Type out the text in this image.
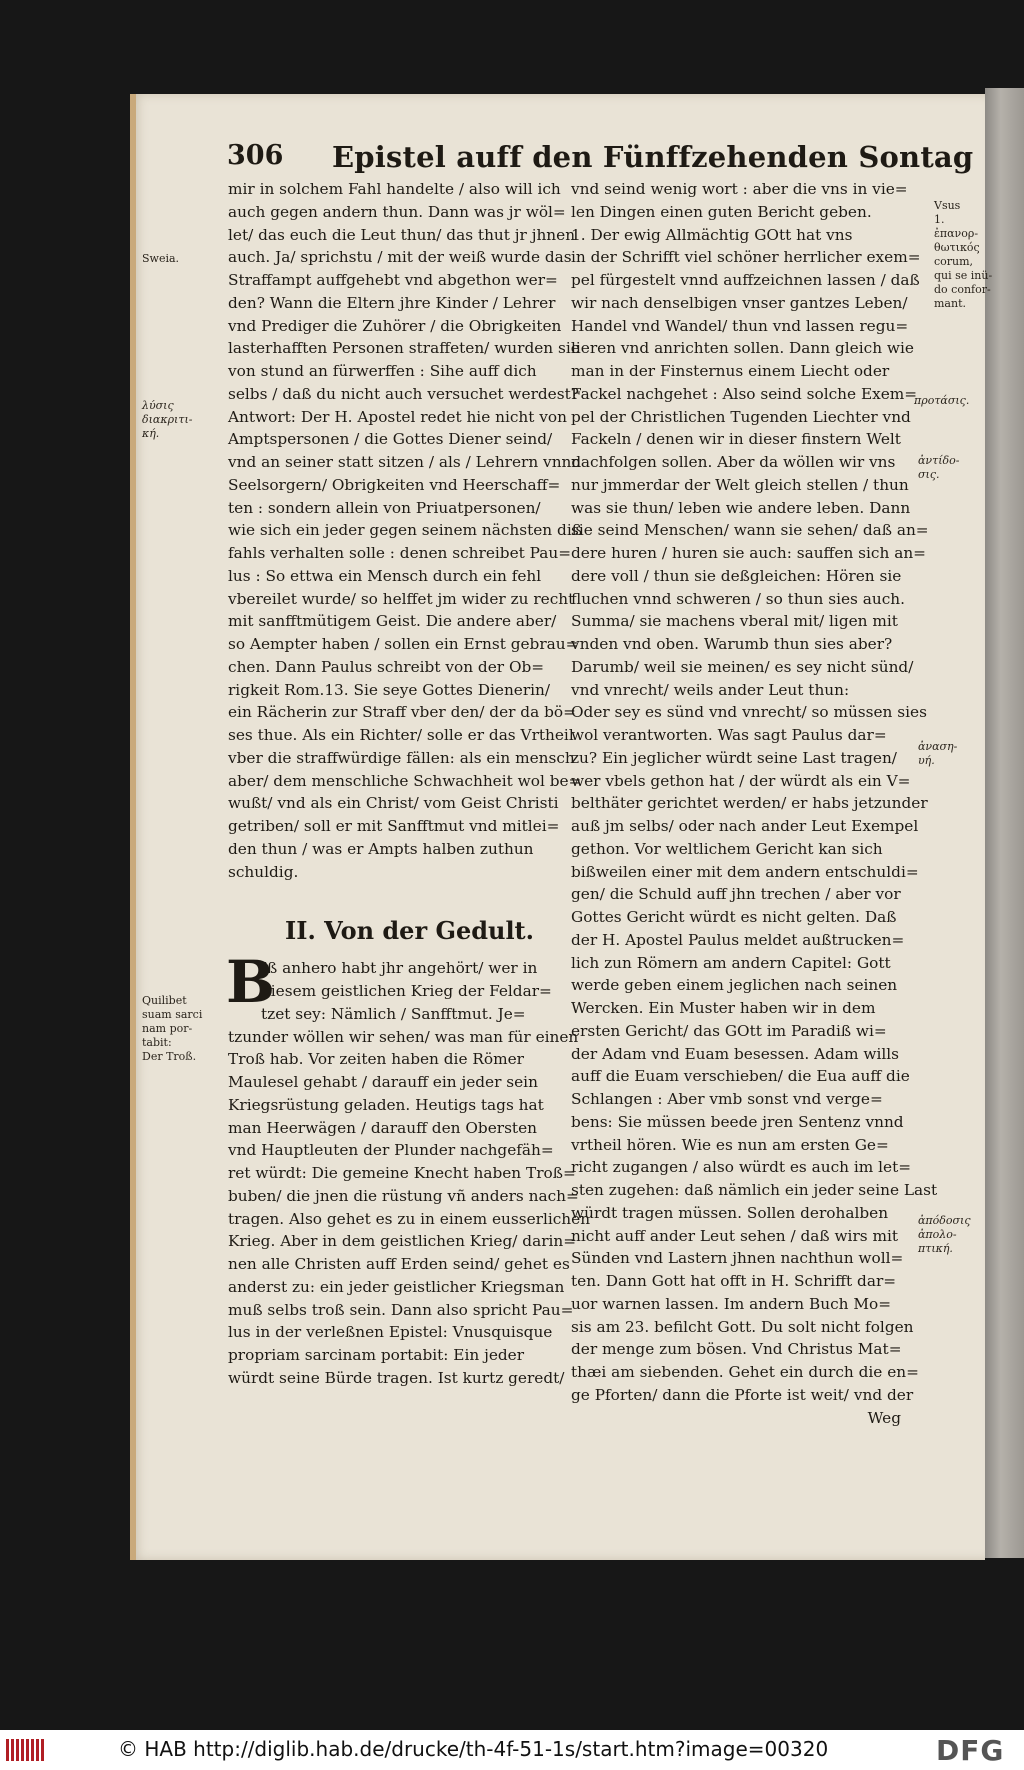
306 Epistel auff den Fünffzehenden Sontag
mir in solchem Fahl handelte / also will ich
auch gegen andern thun. Dann was jr wöl=
let/ das euch die Leut thun/ das thut jr jhnen
auch. Ja/ sprichstu / mit der weiß wurde das
Straffampt auffgehebt vnd abgethon wer=
den? Wann die Eltern jhre Kinder / Lehrer
vnd Prediger die Zuhörer / die Obrigkeiten
lasterhafften Personen straffeten/ wurden sie
von stund an fürwerffen : Sihe auff dich
selbs / daß du nicht auch versuchet werdest?
Antwort: Der H. Apostel redet hie nicht von
Amptspersonen / die Gottes Diener seind/
vnd an seiner statt sitzen / als / Lehrern vnnd
Seelsorgern/ Obrigkeiten vnd Heerschaff=
ten : sondern allein von Priuatpersonen/
wie sich ein jeder gegen seinem nächsten diß
fahls verhalten solle : denen schreibet Pau=
lus : So ettwa ein Mensch durch ein fehl
vbereilet wurde/ so helffet jm wider zu recht
mit sanfftmütigem Geist. Die andere aber/
so Aempter haben / sollen ein Ernst gebrau=
chen. Dann Paulus schreibt von der Ob=
rigkeit Rom.13. Sie seye Gottes Dienerin/
ein Rächerin zur Straff vber den/ der da bö=
ses thue. Als ein Richter/ solle er das Vrtheil
vber die straffwürdige fällen: als ein mensch
aber/ dem menschliche Schwachheit wol be=
wußt/ vnd als ein Christ/ vom Geist Christi
getriben/ soll er mit Sanfftmut vnd mitlei=
den thun / was er Ampts halben zuthun
schuldig.
II. Von der Gedult.
B
Iß anhero habt jhr angehört/ wer in
diesem geistlichen Krieg der Feldar=
tzet sey: Nämlich / Sanfftmut. Je=
tzunder wöllen wir sehen/ was man für einen
Troß hab. Vor zeiten haben die Römer
Maulesel gehabt / darauff ein jeder sein
Kriegsrüstung geladen. Heutigs tags hat
man Heerwägen / darauff den Obersten
vnd Hauptleuten der Plunder nachgefäh=
ret würdt: Die gemeine Knecht haben Troß=
buben/ die jnen die rüstung vñ anders nach=
tragen. Also gehet es zu in einem eusserlichen
Krieg. Aber in dem geistlichen Krieg/ darin=
nen alle Christen auff Erden seind/ gehet es
anderst zu: ein jeder geistlicher Kriegsman
muß selbs troß sein. Dann also spricht Pau=
lus in der verleßnen Epistel: Vnusquisque
propriam sarcinam portabit: Ein jeder
würdt seine Bürde tragen. Ist kurtz geredt/
vnd seind wenig wort : aber die vns in vie=
len Dingen einen guten Bericht geben.
1. Der ewig Allmächtig GOtt hat vns
in der Schrifft viel schöner herrlicher exem=
pel fürgestelt vnnd auffzeichnen lassen / daß
wir nach denselbigen vnser gantzes Leben/
Handel vnd Wandel/ thun vnd lassen regu=
lieren vnd anrichten sollen. Dann gleich wie
man in der Finsternus einem Liecht oder
Fackel nachgehet : Also seind solche Exem=
pel der Christlichen Tugenden Liechter vnd
Fackeln / denen wir in dieser finstern Welt
nachfolgen sollen. Aber da wöllen wir vns
nur jmmerdar der Welt gleich stellen / thun
was sie thun/ leben wie andere leben. Dann
sie seind Menschen/ wann sie sehen/ daß an=
dere huren / huren sie auch: sauffen sich an=
dere voll / thun sie deßgleichen: Hören sie
fluchen vnnd schweren / so thun sies auch.
Summa/ sie machens vberal mit/ ligen mit
vnden vnd oben. Warumb thun sies aber?
Darumb/ weil sie meinen/ es sey nicht sünd/
vnd vnrecht/ weils ander Leut thun:
Oder sey es sünd vnd vnrecht/ so müssen sies
wol verantworten. Was sagt Paulus dar=
zu? Ein jeglicher würdt seine Last tragen/
wer vbels gethon hat / der würdt als ein V=
belthäter gerichtet werden/ er habs jetzunder
auß jm selbs/ oder nach ander Leut Exempel
gethon. Vor weltlichem Gericht kan sich
bißweilen einer mit dem andern entschuldi=
gen/ die Schuld auff jhn trechen / aber vor
Gottes Gericht würdt es nicht gelten. Daß
der H. Apostel Paulus meldet außtrucken=
lich zun Römern am andern Capitel: Gott
werde geben einem jeglichen nach seinen
Wercken. Ein Muster haben wir in dem
ersten Gericht/ das GOtt im Paradiß wi=
der Adam vnd Euam besessen. Adam wills
auff die Euam verschieben/ die Eua auff die
Schlangen : Aber vmb sonst vnd verge=
bens: Sie müssen beede jren Sentenz vnnd
vrtheil hören. Wie es nun am ersten Ge=
richt zugangen / also würdt es auch im let=
sten zugehen: daß nämlich ein jeder seine Last
würdt tragen müssen. Sollen derohalben
nicht auff ander Leut sehen / daß wirs mit
Sünden vnd Lastern jhnen nachthun woll=
ten. Dann Gott hat offt in H. Schrifft dar=
uor warnen lassen. Im andern Buch Mo=
sis am 23. befilcht Gott. Du solt nicht folgen
der menge zum bösen. Vnd Christus Mat=
thæi am siebenden. Gehet ein durch die en=
ge Pforten/ dann die Pforte ist weit/ vnd der
Weg
Sweia.
λύσις
διακριτι-
κή.
Quilibet
suam sarci
nam por-
tabit:
Der Troß.
Vsus
1.
ἐπανορ-
θωτικός
corum,
qui se inü-
do confor-
mant.
προτάσις.
ἀντίδο-
σις.
ἀναση-
υή.
ἀπόδοσις
ἀπολο-
πτική.
© HAB http://diglib.hab.de/drucke/th-4f-51-1s/start.htm?image=00320	DFG
